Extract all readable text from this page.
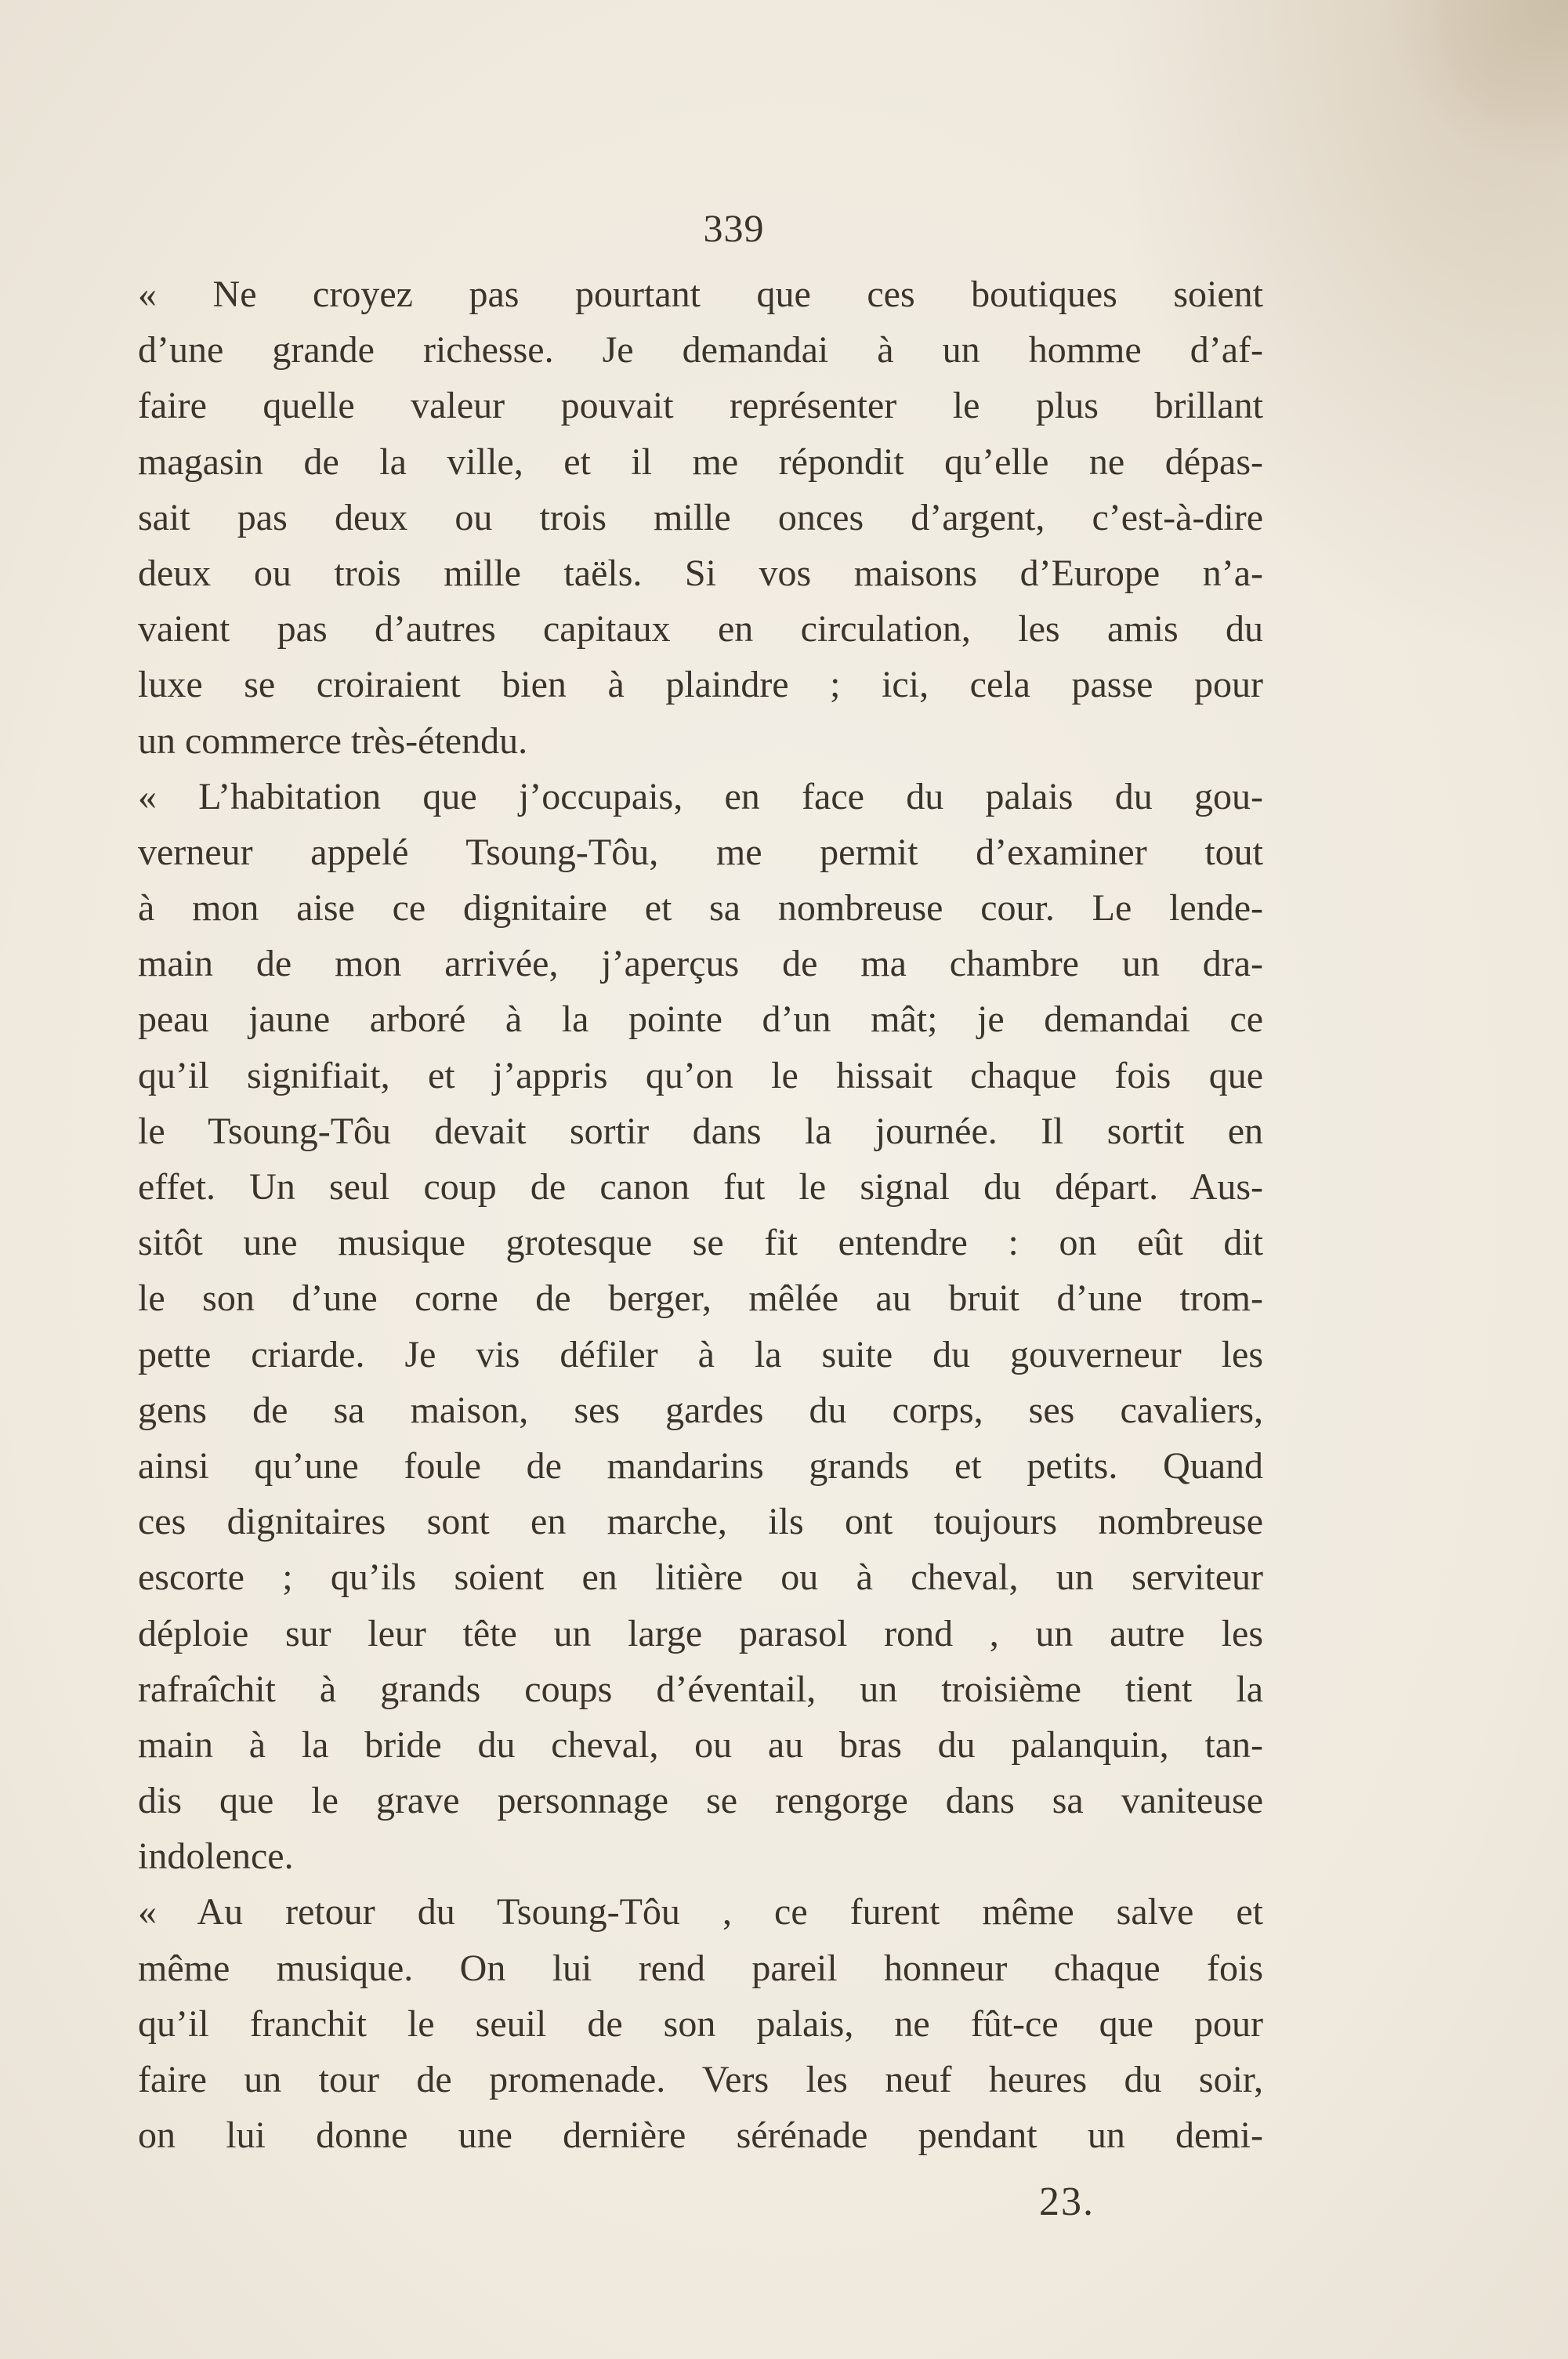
339
« Ne croyez pas pourtant que ces boutiques soient
d’une grande richesse. Je demandai à un homme d’af-
faire quelle valeur pouvait représenter le plus brillant
magasin de la ville, et il me répondit qu’elle ne dépas-
sait pas deux ou trois mille onces d’argent, c’est-à-dire
deux ou trois mille taëls. Si vos maisons d’Europe n’a-
vaient pas d’autres capitaux en circulation, les amis du
luxe se croiraient bien à plaindre ; ici, cela passe pour
un commerce très-étendu.
« L’habitation que j’occupais, en face du palais du gou-
verneur appelé Tsoung-Tôu, me permit d’examiner tout
à mon aise ce dignitaire et sa nombreuse cour. Le lende-
main de mon arrivée, j’aperçus de ma chambre un dra-
peau jaune arboré à la pointe d’un mât; je demandai ce
qu’il signifiait, et j’appris qu’on le hissait chaque fois que
le Tsoung-Tôu devait sortir dans la journée. Il sortit en
effet. Un seul coup de canon fut le signal du départ. Aus-
sitôt une musique grotesque se fit entendre : on eût dit
le son d’une corne de berger, mêlée au bruit d’une trom-
pette criarde. Je vis défiler à la suite du gouverneur les
gens de sa maison, ses gardes du corps, ses cavaliers,
ainsi qu’une foule de mandarins grands et petits. Quand
ces dignitaires sont en marche, ils ont toujours nombreuse
escorte ; qu’ils soient en litière ou à cheval, un serviteur
déploie sur leur tête un large parasol rond , un autre les
rafraîchit à grands coups d’éventail, un troisième tient la
main à la bride du cheval, ou au bras du palanquin, tan-
dis que le grave personnage se rengorge dans sa vaniteuse
indolence.
« Au retour du Tsoung-Tôu , ce furent même salve et
même musique. On lui rend pareil honneur chaque fois
qu’il franchit le seuil de son palais, ne fût-ce que pour
faire un tour de promenade. Vers les neuf heures du soir,
on lui donne une dernière sérénade pendant un demi-
23.
